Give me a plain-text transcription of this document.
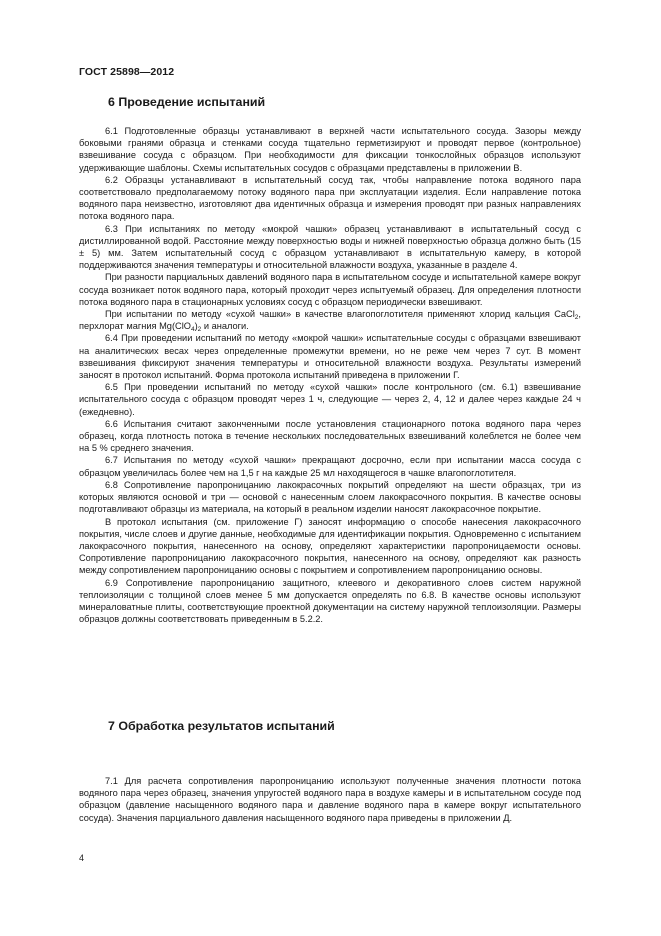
ГОСТ 25898—2012
6 Проведение испытаний

6.1 Подготовленные образцы устанавливают в верхней части испытательного сосуда. Зазоры между боковыми гранями образца и стенками сосуда тщательно герметизируют и проводят первое (контрольное) взвешивание сосуда с образцом. При необходимости для фиксации тонкослойных образцов используют удерживающие шаблоны. Схемы испытательных сосудов с образцами представлены в приложении В.

6.2 Образцы устанавливают в испытательный сосуд так, чтобы направление потока водяного пара соответствовало предполагаемому потоку водяного пара при эксплуатации изделия. Если направление потока водяного пара неизвестно, изготовляют два идентичных образца и измерения проводят при разных направлениях потока водяного пара.

6.3 При испытаниях по методу «мокрой чашки» образец устанавливают в испытательный сосуд с дистиллированной водой. Расстояние между поверхностью воды и нижней поверхностью образца должно быть (15 ± 5) мм. Затем испытательный сосуд с образцом устанавливают в испытательную камеру, в которой поддерживаются значения температуры и относительной влажности воздуха, указанные в разделе 4.

При разности парциальных давлений водяного пара в испытательном сосуде и испытательной камере вокруг сосуда возникает поток водяного пара, который проходит через испытуемый образец. Для определения плотности потока водяного пара в стационарных условиях сосуд с образцом периодически взвешивают.

При испытании по методу «сухой чашки» в качестве влагопоглотителя применяют хлорид кальция CaCl$_2$, перхлорат магния $Mg(ClO_4)_2$ и аналоги.

6.4 При проведении испытаний по методу «мокрой чашки» испытательные сосуды с образцами взвешивают на аналитических весах через определенные промежутки времени, но не реже чем через 7 сут. В момент взвешивания фиксируют значения температуры и относительной влажности воздуха. Результаты измерений заносят в протокол испытаний. Форма протокола испытаний приведена в приложении Г.

6.5 При проведении испытаний по методу «сухой чашки» после контрольного (см. 6.1) взвешивание испытательного сосуда с образцом проводят через 1 ч, следующие — через 2, 4, 12 и далее через каждые 24 ч (ежедневно).

6.6 Испытания считают законченными после установления стационарного потока водяного пара через образец, когда плотность потока в течение нескольких последовательных взвешиваний колеблется не более чем на 5 % среднего значения.

6.7 Испытания по методу «сухой чашки» прекращают досрочно, если при испытании масса сосуда с образцом увеличилась более чем на 1,5 г на каждые 25 мл находящегося в чашке влагопоглотителя.

6.8 Сопротивление паропроницанию лакокрасочных покрытий определяют на шести образцах, три из которых являются основой и три — основой с нанесенным слоем лакокрасочного покрытия. В качестве основы подготавливают образцы из материала, на который в реальном изделии наносят лакокрасочное покрытие.

В протокол испытания (см. приложение Г) заносят информацию о способе нанесения лакокрасочного покрытия, числе слоев и другие данные, необходимые для идентификации покрытия. Одновременно с испытанием лакокрасочного покрытия, нанесенного на основу, определяют характеристики паропроницаемости основы. Сопротивление паропроницанию лакокрасочного покрытия, нанесенного на основу, определяют как разность между сопротивлением паропроницанию основы с покрытием и сопротивлением паропроницанию основы.

6.9 Сопротивление паропроницанию защитного, клеевого и декоративного слоев систем наружной теплоизоляции с толщиной слоев менее 5 мм допускается определять по 6.8. В качестве основы используют минераловатные плиты, соответствующие проектной документации на систему наружной теплоизоляции. Размеры образцов должны соответствовать приведенным в 5.2.2.

7 Обработка результатов испытаний

7.1 Для расчета сопротивления паропроницанию используют полученные значения плотности потока водяного пара через образец, значения упругостей водяного пара в воздухе камеры и в испытательном сосуде под образцом (давление насыщенного водяного пара и давление водяного пара в камере вокруг испытательного сосуда). Значения парциального давления насыщенного водяного пара приведены в приложении Д.

4
